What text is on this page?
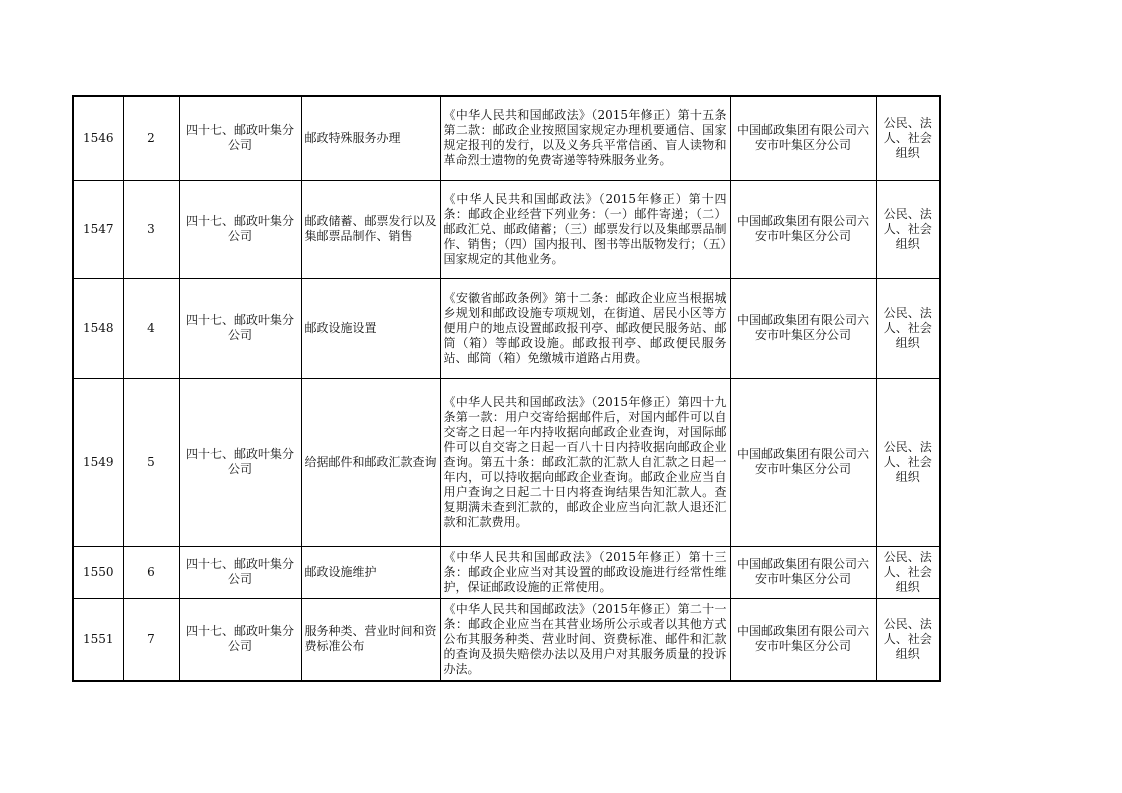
1546	2	四十七、邮政叶集分公司	邮政特殊服务办理	《中华人民共和国邮政法》（2015年修正）第十五条第二款：邮政企业按照国家规定办理机要通信、国家规定报刊的发行，以及义务兵平常信函、盲人读物和革命烈士遗物的免费寄递等特殊服务业务。	中国邮政集团有限公司六安市叶集区分公司	公民、法人、社会组织
1547	3	四十七、邮政叶集分公司	邮政储蓄、邮票发行以及集邮票品制作、销售	《中华人民共和国邮政法》（2015年修正）第十四条：邮政企业经营下列业务：（一）邮件寄递；（二）邮政汇兑、邮政储蓄；（三）邮票发行以及集邮票品制作、销售；（四）国内报刊、图书等出版物发行；（五）国家规定的其他业务。	中国邮政集团有限公司六安市叶集区分公司	公民、法人、社会组织
1548	4	四十七、邮政叶集分公司	邮政设施设置	《安徽省邮政条例》第十二条：邮政企业应当根据城乡规划和邮政设施专项规划，在街道、居民小区等方便用户的地点设置邮政报刊亭、邮政便民服务站、邮筒（箱）等邮政设施。邮政报刊亭、邮政便民服务站、邮筒（箱）免缴城市道路占用费。	中国邮政集团有限公司六安市叶集区分公司	公民、法人、社会组织
1549	5	四十七、邮政叶集分公司	给据邮件和邮政汇款查询	《中华人民共和国邮政法》（2015年修正）第四十九条第一款：用户交寄给据邮件后，对国内邮件可以自交寄之日起一年内持收据向邮政企业查询，对国际邮件可以自交寄之日起一百八十日内持收据向邮政企业查询。第五十条：邮政汇款的汇款人自汇款之日起一年内，可以持收据向邮政企业查询。邮政企业应当自用户查询之日起二十日内将查询结果告知汇款人。查复期满未查到汇款的，邮政企业应当向汇款人退还汇款和汇款费用。	中国邮政集团有限公司六安市叶集区分公司	公民、法人、社会组织
1550	6	四十七、邮政叶集分公司	邮政设施维护	《中华人民共和国邮政法》（2015年修正）第十三条：邮政企业应当对其设置的邮政设施进行经常性维护，保证邮政设施的正常使用。	中国邮政集团有限公司六安市叶集区分公司	公民、法人、社会组织
1551	7	四十七、邮政叶集分公司	服务种类、营业时间和资费标准公布	《中华人民共和国邮政法》（2015年修正）第二十一条：邮政企业应当在其营业场所公示或者以其他方式公布其服务种类、营业时间、资费标准、邮件和汇款的查询及损失赔偿办法以及用户对其服务质量的投诉办法。	中国邮政集团有限公司六安市叶集区分公司	公民、法人、社会组织
